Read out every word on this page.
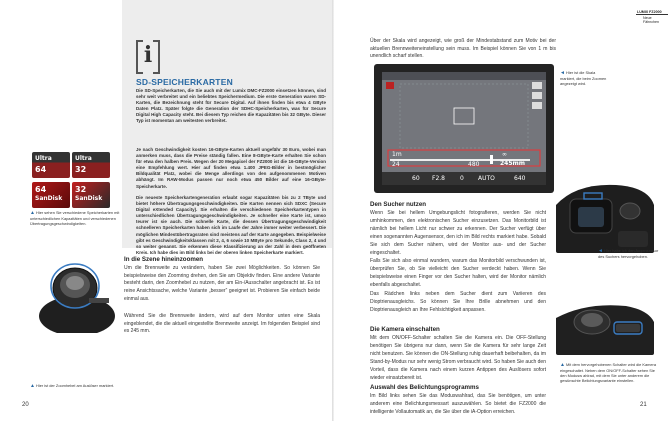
i
SD-SPEICHERKARTEN

Die SD-Speicherkarten, die Sie auch mit der Lumix DMC-FZ2000 einsetzen können, sind sehr weit verbreitet und ein beliebtes Speichermedium. Die erste Generation waren SD-Karten, die Bezeichnung steht für Secure Digital. Auf ihnen finden bis etwa 4 GByte Daten Platz. Später folgte die Generation der SDHC-Speicherkarten, was für Secure Digital High Capacity steht. Bei diesem Typ reichen die Kapazitäten bis 32 GByte. Dieser Typ ist momentan am weitesten verbreitet.

Je nach Geschwindigkeit kosten 16-GByte-Karten aktuell ungefähr 30 Euro, wobei man anmerken muss, dass die Preise ständig fallen. Eine 8-GByte-Karte erhalten Sie schon für etwa den halben Preis. Wegen der 20 Megapixel der FZ2000 ist die 16-GByte-Version eine Empfehlung wert. Hier auf finden etwa 1.400 JPEG-Bilder in bestmöglicher Bildqualität Platz, wobei die Menge allerdings von den aufgenommenen Motiven abhängt. Im RAW-Modus passen nur noch etwa 450 Bilder auf eine 16-GByte-Speicherkarte.

Die neueste Speicherkartengeneration erlaubt sogar Kapazitäten bis zu 2 TByte und bietet höhere Übertragungsgeschwindigkeiten. Die Karten nennen sich SDXC (Secure Digital eXtended Capacity). Sie erhalten die verschiedenen Speicherkartentypen in unterschiedlichen Übertragungsgeschwindigkeiten. Je schneller eine Karte ist, umso teurer ist sie auch. Die schnelle Karte, die dessen Übertragungsgeschwindigkeit schnelleren Speicherkarten haben sich im Laufe der Jahre immer weiter verbessert. Die möglichen Mindestübertragsraten sind meistens auf der Karte angegeben. Beispielweise gibt es Geschwindigkeitsklassen mit 2, 4, 6 sowie 10 MByte pro Sekunde, Class 2, 4 und so weiter genannt. Sie erkennen diese Klassifizierung an der Zahl in dem geöffneten Kreis. Ich habe dies im Bild links bei der oberen linken Speicherkarte markiert.

Ultra
64
Ultra
32
SanDisk
64
SanDisk
32

▲ Hier sehen Sie verschiedene Speicherkarten mit unterschiedlichen Kapazitäten und verschiedenen Übertragungsgeschwindigkeiten.

In die Szene hineinzoomen

Um die Brennweite zu verändern, haben Sie zwei Möglichkeiten. So können Sie beispielsweise den Zoomring drehen, den Sie am Objektiv finden. Eine andere Variante besteht darin, den Zoomhebel zu nutzen, der am Ein-/Ausschalter angebracht ist. Es ist reine Ansichtssache, welche Variante „besser“ geeignet ist. Probieren Sie einfach beide einmal aus.

Während Sie die Brennweite ändern, wird auf dem Monitor unten eine Skala eingeblendet, die die aktuell eingestellte Brennweite anzeigt. Im folgenden Beispiel sind es 245 mm.

▲ Hier ist der Zoomhebel am Auslöser markiert.

20
LUMIX FZ2000
Neue Fähnchen

Über der Skala wird angezeigt, wie groß der Mindestabstand zum Motiv bei der aktuellen Brennweiteneinstellung sein muss. Im Beispiel können Sie von 1 m bis unendlich scharf stellen.

1m	∞
24	480	245mm
60 F2.8	0 AUTO	640

◄ Hier ist die Skala markiert, die beim Zoomen angezeigt wird.

Den Sucher nutzen

Wenn Sie bei hellem Umgebungslicht fotografieren, werden Sie nicht umhinkommen, den elektronischen Sucher einzusetzen. Das Monitorbild ist nämlich bei hellem Licht nur schwer zu erkennen. Der Sucher verfügt über einen sogenannten Augensensor, den ich im Bild rechts markiert habe. Sobald Sie sich dem Sucher nähern, wird der Monitor aus- und der Sucher eingeschaltet.

Falls Sie sich also einmal wundern, warum das Monitorbild verschwunden ist, überprüfen Sie, ob Sie vielleicht den Sucher verdeckt haben. Wenn Sie beispielsweise einen Finger vor den Sucher halten, wird der Monitor nämlich ebenfalls abgeschaltet.

Das Rädchen links neben dem Sucher dient zum Variieren des Dioptrienausgleichs. So können Sie Ihre Brille abnehmen und den Dioptrienausgleich an Ihre Fehlsichtigkeit anpassen.

◄ Hier habe ich den Augensensor des Suchers hervorgehoben.

Die Kamera einschalten

Mit dem ON/OFF-Schalter schalten Sie die Kamera ein. Die OFF-Stellung benötigen Sie übrigens nur dann, wenn Sie die Kamera für sehr lange Zeit nicht benutzen. Sie können die ON-Stellung ruhig dauerhaft beibehalten, da im Stand-by-Modus nur sehr wenig Strom verbraucht wird. So haben Sie auch den Vorteil, dass die Kamera nach einem kurzen Antippen des Auslösers sofort wieder einsatzbereit ist.

▲ Mit dem hervorgehobenen Schalter wird die Kamera eingeschaltet. Neben dem ON/OFF-Schalter sehen Sie den Modusw ahlrad, mit dem Sie unter anderem die gewünschte Belichtungsvariante einstellen.

Auswahl des Belichtungsprogramms

Im Bild links sehen Sie das Moduswahlrad, das Sie benötigen, um unter anderem eine Belichtungsmessart auszuwählen. So bietet die FZ2000 die intelligente Vollautomatik an, die Sie über die iA-Option erreichen.

21
